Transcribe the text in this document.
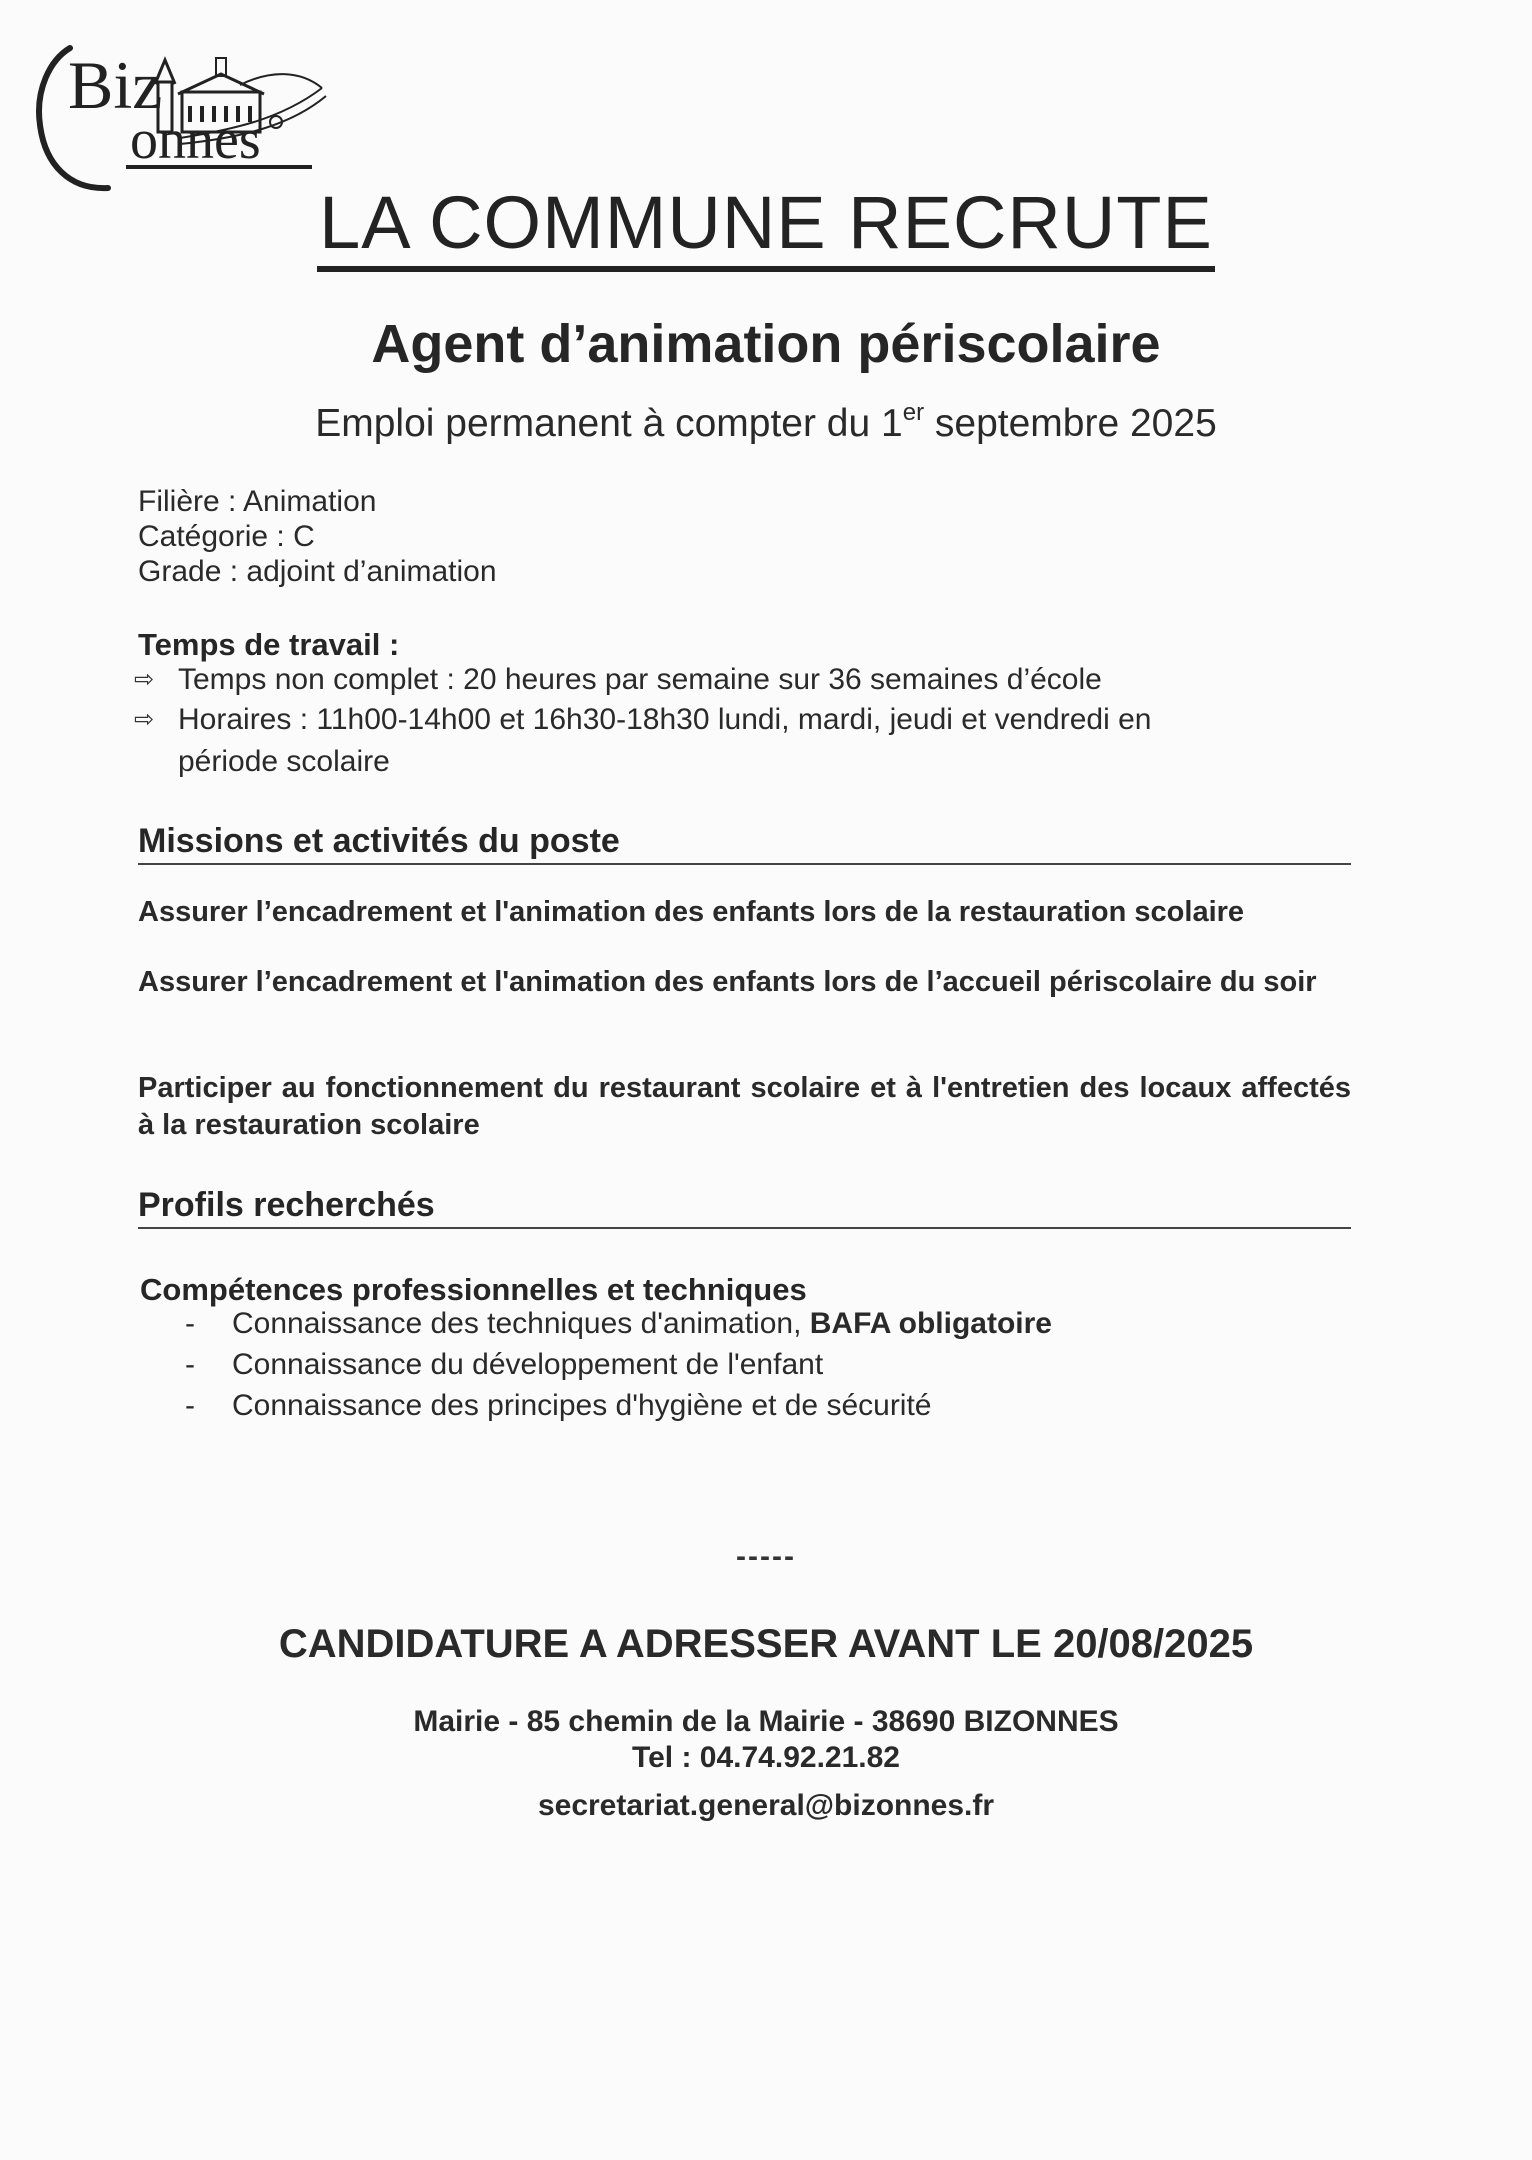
Biz
onnes
LA COMMUNE RECRUTE
Agent d’animation périscolaire
Emploi permanent à compter du 1er septembre 2025
Filière : Animation
Catégorie : C
Grade : adjoint d’animation
Temps de travail :
⇨ Temps non complet : 20 heures par semaine sur 36 semaines d’école
⇨ Horaires : 11h00-14h00 et 16h30-18h30 lundi, mardi, jeudi et vendredi en
période scolaire
Missions et activités du poste
Assurer l’encadrement et l'animation des enfants lors de la restauration scolaire
Assurer l’encadrement et l'animation des enfants lors de l’accueil périscolaire du soir
Participer au fonctionnement du restaurant scolaire et à l'entretien des locaux affectés à la restauration scolaire
Profils recherchés
Compétences professionnelles et techniques
- Connaissance des techniques d'animation, BAFA obligatoire
- Connaissance du développement de l'enfant
- Connaissance des principes d'hygiène et de sécurité
-----
CANDIDATURE A ADRESSER AVANT LE 20/08/2025
Mairie - 85 chemin de la Mairie - 38690 BIZONNES
Tel : 04.74.92.21.82
secretariat.general@bizonnes.fr
